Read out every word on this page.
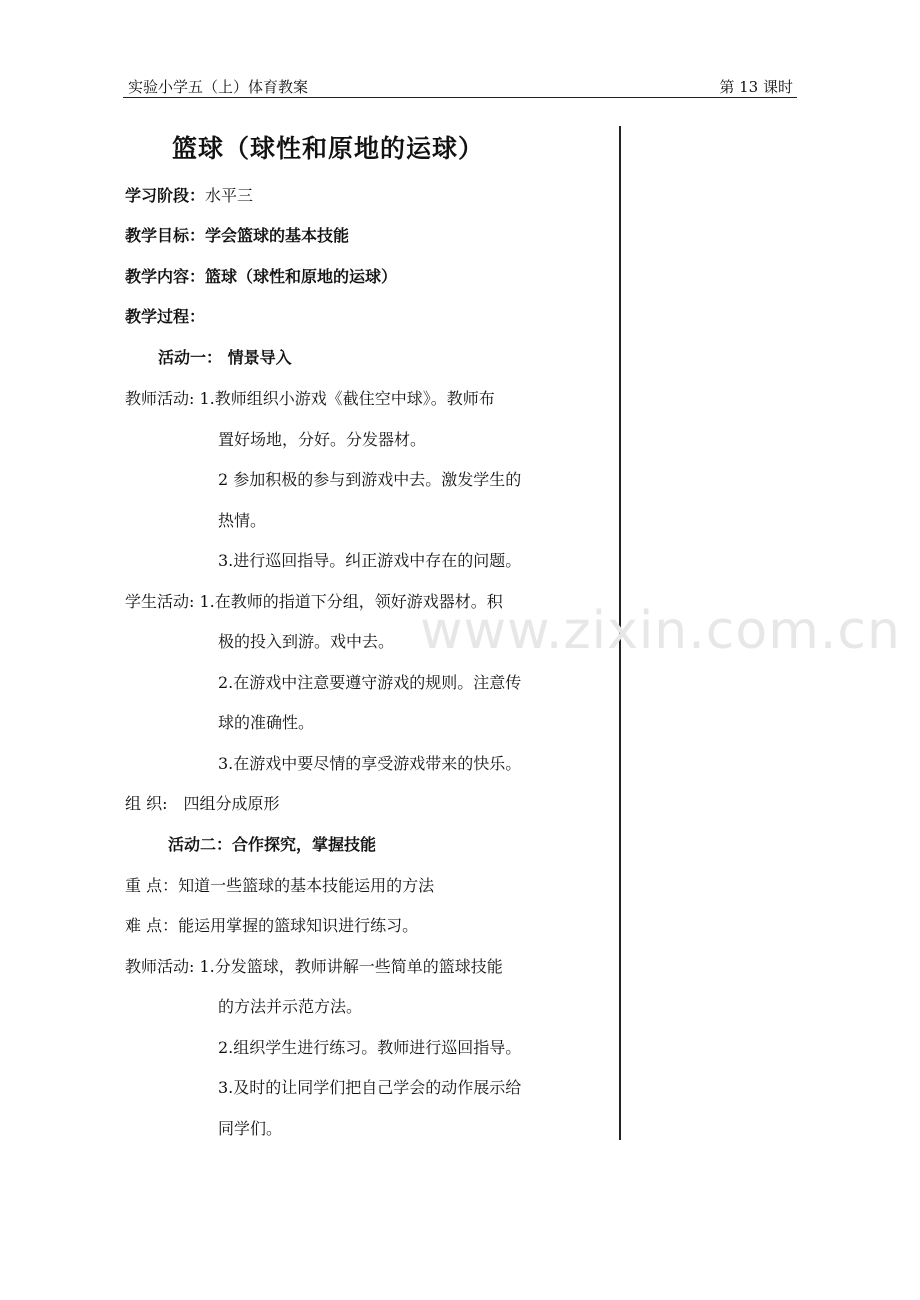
实验小学五（上）体育教案	第 13 课时
www.zixin.com.cn
篮球（球性和原地的运球）
学习阶段：水平三
教学目标：学会篮球的基本技能
教学内容：篮球（球性和原地的运球）
教学过程：
活动一： 情景导入
教师活动: 1.教师组织小游戏《截住空中球》。教师布
置好场地，分好。分发器材。
2 参加积极的参与到游戏中去。激发学生的
热情。
3.进行巡回指导。纠正游戏中存在的问题。
学生活动: 1.在教师的指道下分组，领好游戏器材。积
极的投入到游。戏中去。
2.在游戏中注意要遵守游戏的规则。注意传
球的准确性。
3.在游戏中要尽情的享受游戏带来的快乐。
组 织: 四组分成原形
活动二：合作探究，掌握技能
重 点：知道一些篮球的基本技能运用的方法
难 点：能运用掌握的篮球知识进行练习。
教师活动: 1.分发篮球，教师讲解一些简单的篮球技能
的方法并示范方法。
2.组织学生进行练习。教师进行巡回指导。
3.及时的让同学们把自己学会的动作展示给
同学们。
